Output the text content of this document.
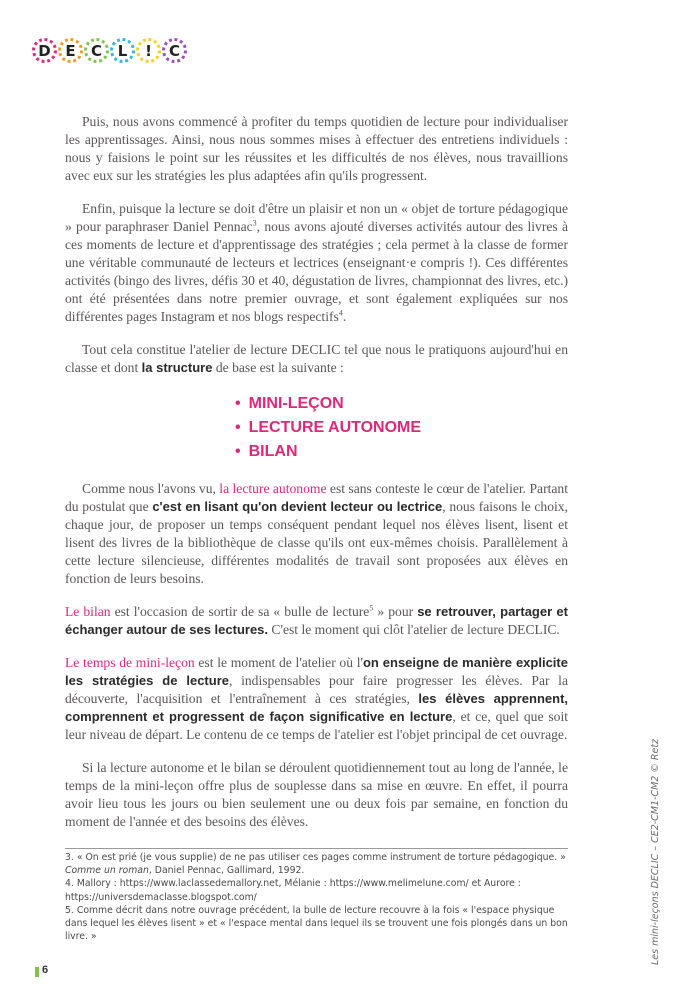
D E	C	L	!	C

Puis, nous avons commencé à profiter du temps quotidien de lecture pour individualiser les apprentissages. Ainsi, nous nous sommes mises à effectuer des entretiens individuels : nous y faisions le point sur les réussites et les difficultés de nos élèves, nous travaillions avec eux sur les stratégies les plus adaptées afin qu'ils progressent.

Enfin, puisque la lecture se doit d'être un plaisir et non un « objet de torture pédagogique » pour paraphraser Daniel Pennac$^3$, nous avons ajouté diverses activités autour des livres à ces moments de lecture et d'apprentissage des stratégies ; cela permet à la classe de former une véritable communauté de lecteurs et lectrices (enseignant·e compris !). Ces différentes activités (bingo des livres, défis 30 et 40, dégustation de livres, championnat des livres, etc.) ont été présentées dans notre premier ouvrage, et sont également expliquées sur nos différentes pages Instagram et nos blogs respectifs$^4$.

Tout cela constitue l'atelier de lecture DECLIC tel que nous le pratiquons aujourd'hui en classe et dont la structure de base est la suivante :

• MINI-LEÇON
• LECTURE AUTONOME
• BILAN

Comme nous l'avons vu, la lecture autonome est sans conteste le cœur de l'atelier. Partant du postulat que c'est en lisant qu'on devient lecteur ou lectrice, nous faisons le choix, chaque jour, de proposer un temps conséquent pendant lequel nos élèves lisent, lisent et lisent des livres de la bibliothèque de classe qu'ils ont eux-mêmes choisis. Parallèlement à cette lecture silencieuse, différentes modalités de travail sont proposées aux élèves en fonction de leurs besoins.

Le bilan est l'occasion de sortir de sa « bulle de lecture$^5$ » pour se retrouver, partager et échanger autour de ses lectures. C'est le moment qui clôt l'atelier de lecture DECLIC.

Le temps de mini-leçon est le moment de l'atelier où l'on enseigne de manière explicite les stratégies de lecture, indispensables pour faire progresser les élèves. Par la découverte, l'acquisition et l'entraînement à ces stratégies, les élèves apprennent, comprennent et progressent de façon significative en lecture, et ce, quel que soit leur niveau de départ. Le contenu de ce temps de l'atelier est l'objet principal de cet ouvrage.

Si la lecture autonome et le bilan se déroulent quotidiennement tout au long de l'année, le temps de la mini-leçon offre plus de souplesse dans sa mise en œuvre. En effet, il pourra avoir lieu tous les jours ou bien seulement une ou deux fois par semaine, en fonction du moment de l'année et des besoins des élèves.

3. « On est prié (je vous supplie) de ne pas utiliser ces pages comme instrument de torture pédagogique. » Comme un roman, Daniel Pennac, Gallimard, 1992.

4. Mallory : https://www.laclassedemallory.net, Mélanie : https://www.melimelune.com/ et Aurore : https://universdemaclasse.blogspot.com/

5. Comme décrit dans notre ouvrage précédent, la bulle de lecture recouvre à la fois « l'espace physique dans lequel les élèves lisent » et « l'espace mental dans lequel ils se trouvent une fois plongés dans un bon livre. »	Les mini-leçons DECLIC – CE2-CM1-CM2 © Retz
6
